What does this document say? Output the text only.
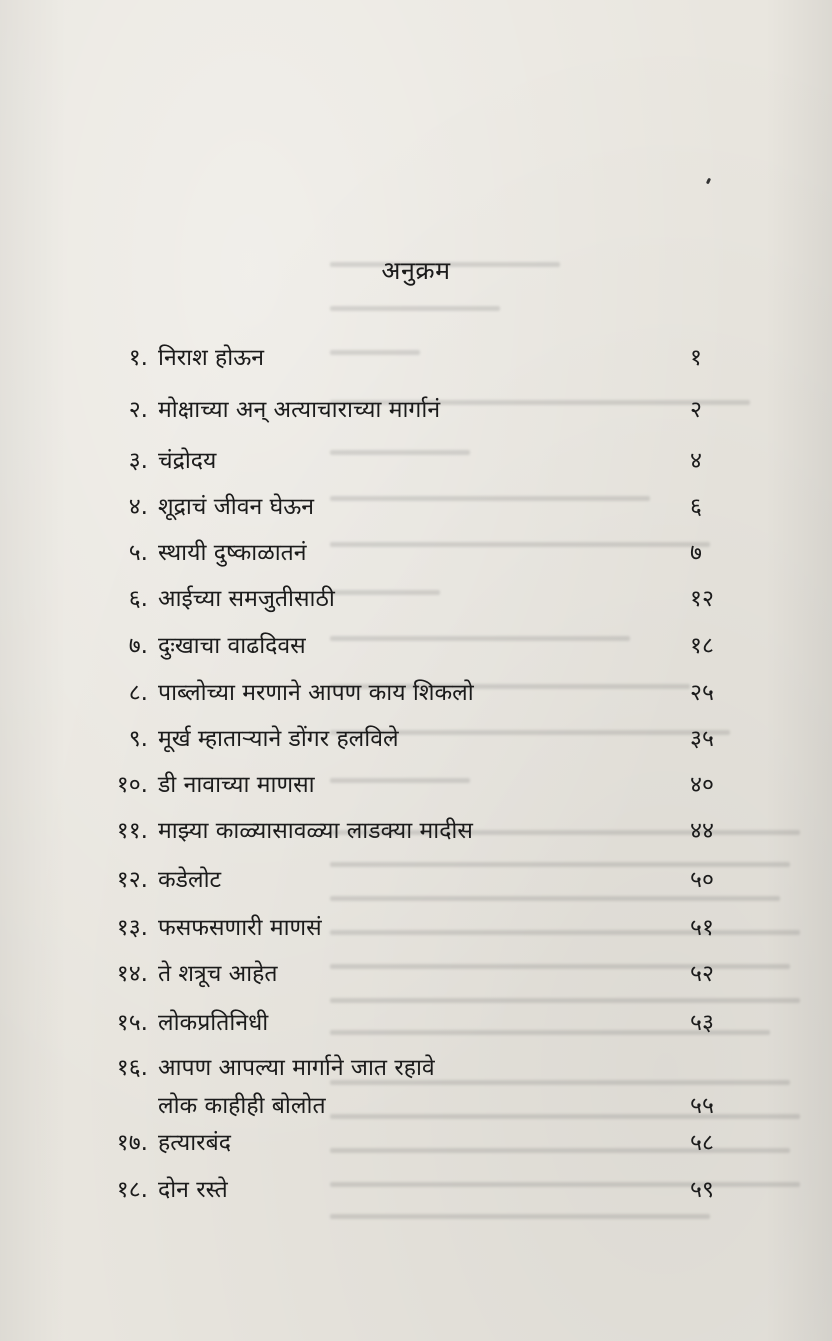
अनुक्रम
१. निराश होऊन	१
२. मोक्षाच्या अन् अत्याचाराच्या मार्गानं	२
३. चंद्रोदय	४
४. शूद्राचं जीवन घेऊन	६
५. स्थायी दुष्काळातनं	७
६. आईच्या समजुतीसाठी	१२
७. दुःखाचा वाढदिवस	१८
८. पाब्लोच्या मरणाने आपण काय शिकलो	२५
९. मूर्ख म्हाताऱ्याने डोंगर हलविले	३५
१०. डी नावाच्या माणसा	४०
११. माझ्या काळ्यासावळ्या लाडक्या मादीस	४४
१२. कडेलोट	५०
१३. फसफसणारी माणसं	५१
१४. ते शत्रूच आहेत	५२
१५. लोकप्रतिनिधी	५३
१६. आपण आपल्या मार्गाने जात रहावे
लोक काहीही बोलोत	५५
१७. हत्यारबंद	५८
१८. दोन रस्ते	५९
